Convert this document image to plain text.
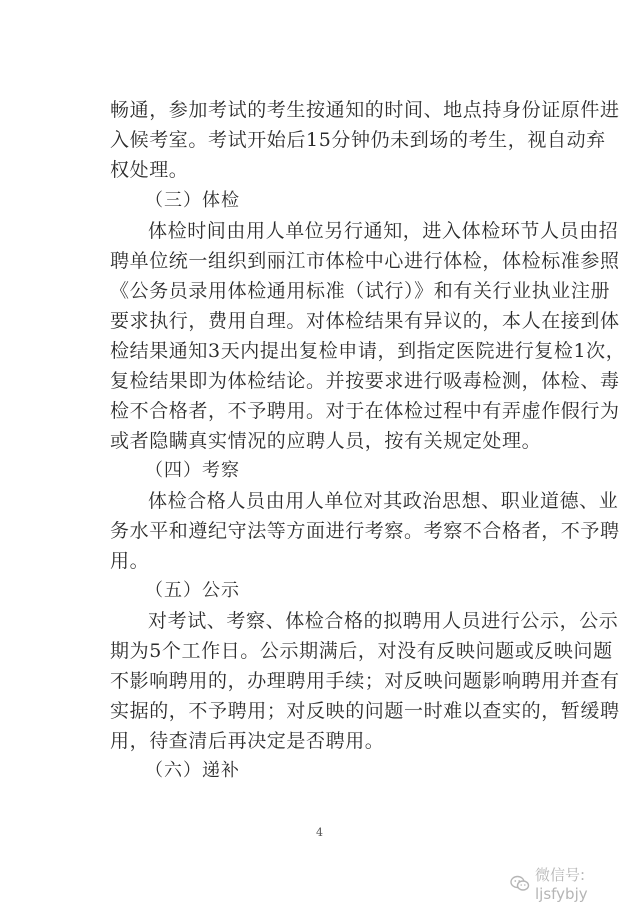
畅通，参加考试的考生按通知的时间、地点持身份证原件进
入候考室。考试开始后15分钟仍未到场的考生，视自动弃
权处理。
（三）体检
体检时间由用人单位另行通知，进入体检环节人员由招
聘单位统一组织到丽江市体检中心进行体检，体检标准参照
《公务员录用体检通用标准（试行）》和有关行业执业注册
要求执行，费用自理。对体检结果有异议的，本人在接到体
检结果通知3天内提出复检申请，到指定医院进行复检1次，
复检结果即为体检结论。并按要求进行吸毒检测，体检、毒
检不合格者，不予聘用。对于在体检过程中有弄虚作假行为
或者隐瞒真实情况的应聘人员，按有关规定处理。
（四）考察
体检合格人员由用人单位对其政治思想、职业道德、业
务水平和遵纪守法等方面进行考察。考察不合格者，不予聘
用。
（五）公示
对考试、考察、体检合格的拟聘用人员进行公示，公示
期为5个工作日。公示期满后，对没有反映问题或反映问题
不影响聘用的，办理聘用手续；对反映问题影响聘用并查有
实据的，不予聘用；对反映的问题一时难以查实的，暂缓聘
用，待查清后再决定是否聘用。
（六）递补
4
微信号: ljsfybjy
